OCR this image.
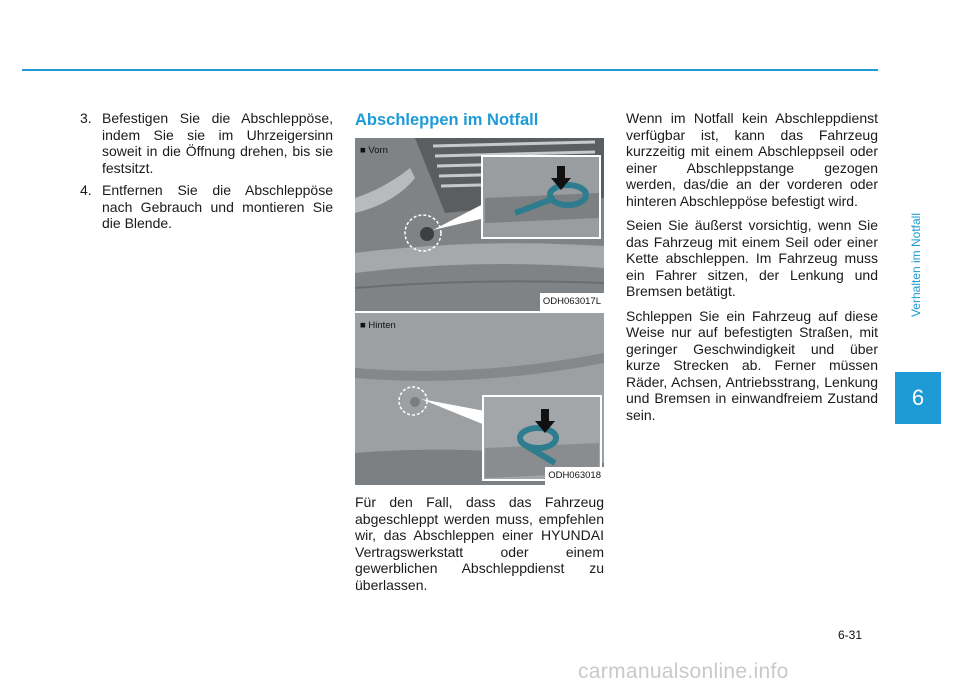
3. Befestigen Sie die Abschleppöse, indem Sie sie im Uhrzeigersinn soweit in die Öffnung drehen, bis sie festsitzt.
4. Entfernen Sie die Abschleppöse nach Gebrauch und montieren Sie die Blende.
Abschleppen im Notfall
■ Vorn
ODH063017L
■ Hinten
ODH063018

Für den Fall, dass das Fahrzeug abgeschleppt werden muss, empfehlen wir, das Abschleppen einer HYUNDAI Vertragswerkstatt oder einem gewerblichen Abschleppdienst zu überlassen.

Wenn im Notfall kein Abschleppdienst verfügbar ist, kann das Fahrzeug kurzzeitig mit einem Abschleppseil oder einer Abschleppstange gezogen werden, das/die an der vorderen oder hinteren Abschleppöse befestigt wird.

Seien Sie äußerst vorsichtig, wenn Sie das Fahrzeug mit einem Seil oder einer Kette abschleppen. Im Fahrzeug muss ein Fahrer sitzen, der Lenkung und Bremsen betätigt.

Schleppen Sie ein Fahrzeug auf diese Weise nur auf befestigten Straßen, mit geringer Geschwindigkeit und über kurze Strecken ab. Ferner müssen Räder, Achsen, Antriebsstrang, Lenkung und Bremsen in einwandfreiem Zustand sein.

Verhalten im Notfall
6
6-31
carmanualsonline.info
